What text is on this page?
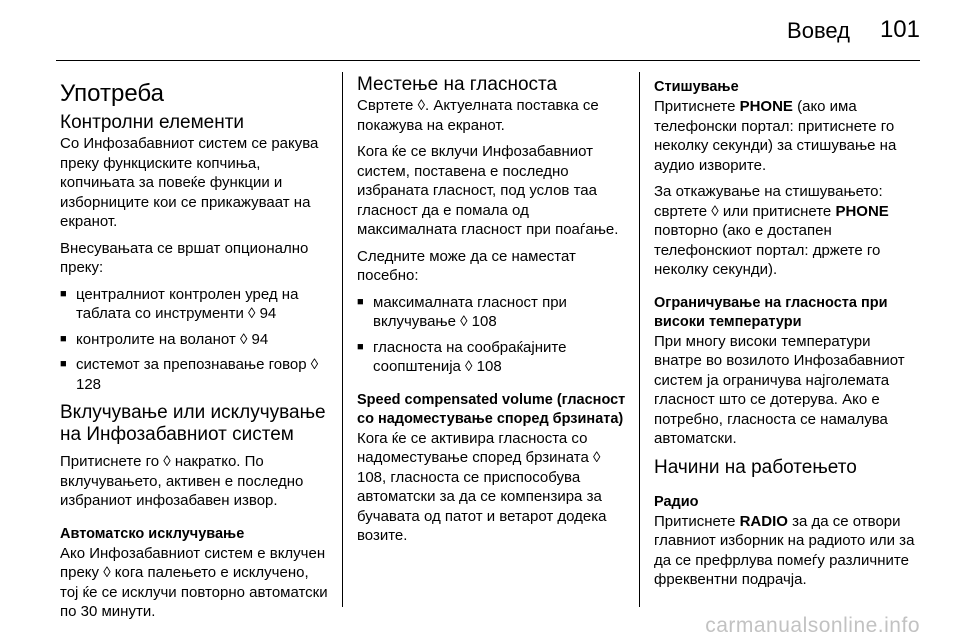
Вовед 101
Употреба
Контролни елементи

Со Инфозабавниот систем се ракува преку функциските копчиња, копчињата за повеќе функции и изборниците кои се прикажуваат на екранот.

Внесувањата се вршат опционално преку:

■ централниот контролен уред на таблата со инструменти ◊ 94
■ контролите на воланот ◊ 94
■ системот за препознавање говор ◊ 128
Вклучување или исклучување на Инфозабавниот систем

Притиснете го ◊ накратко. По вклучувањето, активен е последно избраниот инфозабавен извор.

Автоматско исклучување

Ако Инфозабавниот систем е вклучен преку ◊ кога палењето е исклучено, тој ќе се исклучи повторно автоматски по 30 минути.

Местење на гласноста

Свртете ◊. Актуелната поставка се покажува на екранот.

Кога ќе се вклучи Инфозабавниот систем, поставена е последно избраната гласност, под услов таа гласност да е помала од максималната гласност при поаѓање.

Следните може да се наместат посебно:

■ максималната гласност при вклучување ◊ 108
■ гласноста на сообраќајните соопштенија ◊ 108
Speed compensated volume (гласност со надоместување според брзината)

Кога ќе се активира гласноста со надоместување според брзината ◊ 108, гласноста се приспособува автоматски за да се компензира за бучавата од патот и ветарот додека возите.

Стишување

Притиснете PHONE (ако има телефонски портал: притиснете го неколку секунди) за стишување на аудио изворите.

За откажување на стишувањето: свртете ◊ или притиснете PHONE повторно (ако е достапен телефонскиот портал: држете го неколку секунди).

Ограничување на гласноста при високи температури

При многу високи температури внатре во возилото Инфозабавниот систем ја ограничува најголемата гласност што се дотерува. Ако е потребно, гласноста се намалува автоматски.

Начини на работењето
Радио

Притиснете RADIO за да се отвори главниот изборник на радиото или за да се префрлува помеѓу различните фреквентни подрачја.

carmanualsonline.info
